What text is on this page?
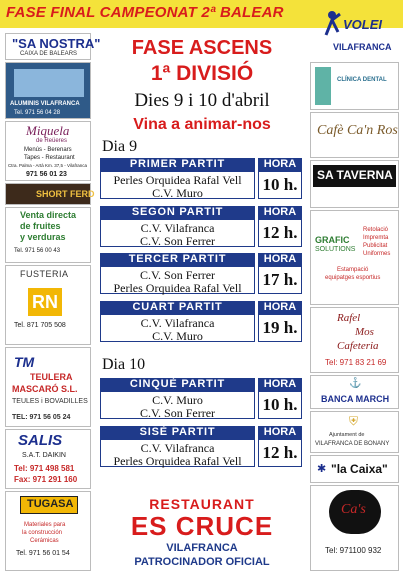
FASE FINAL CAMPEONAT 2ª BALEAR
VOLEI
VILAFRANCA
"SA NOSTRA"
CAIXA DE BALEARS
ALUMINIS VILAFRANCA
Tel. 971 56 04 28
Miquela
de Reüeres
Menús - Berenars
Tapes - Restaurant
Ctra. Palma - Artà Km. 37,5 - Vilafranca
971 56 01 23
SHORT FERD
Venta directa
de fruites
y verduras
Tel. 971 56 00 43
FUSTERIA
RN
Tel. 871 705 508
TM
TEULERA
MASCARÓ S.L.
TEULES i BOVADILLES
TEL: 971 56 05 24
SALIS
S.A.T. DAIKIN
Tel: 971 498 581
Fax: 971 291 160
TUGASA
Materiales para
la construcción
Cerámicas
Tel. 971 56 01 54
CLÍNICA DENTAL
Cafè Ca'n Ros
SA TAVERNA
GRAFIC
SOLUTIONS
Retolació
Impremta
Publicitat
Uniformes
Estampació
equipatges esportius
Rafel
Mos
Cafeteria
Tel: 971 83 21 69
⚓
BANCA MARCH
⛨
Ajuntament de
VILAFRANCA DE BONANY
✱ "la Caixa"
Ca's
Tel: 971100 932
FASE ASCENS
1ª DIVISIÓ
Dies 9 i 10 d'abril
Vina a animar-nos
Dia 9
PRIMER PARTIT	HORA
Perles Orquidea Rafal Vell
C.V. Muro	10 h.
SEGON PARTIT	HORA
C.V. Vilafranca
C.V. Son Ferrer	12 h.
TERCER PARTIT	HORA
C.V. Son Ferrer
Perles Orquidea Rafal Vell	17 h.
CUART PARTIT	HORA
C.V. Vilafranca
C.V. Muro	19 h.
Dia 10
CINQUÈ PARTIT	HORA
C.V. Muro
C.V. Son Ferrer	10 h.
SISÈ PARTIT	HORA
C.V. Vilafranca
Perles Orquidea Rafal Vell	12 h.
RESTAURANT
ES CRUCE
VILAFRANCA
PATROCINADOR OFICIAL
